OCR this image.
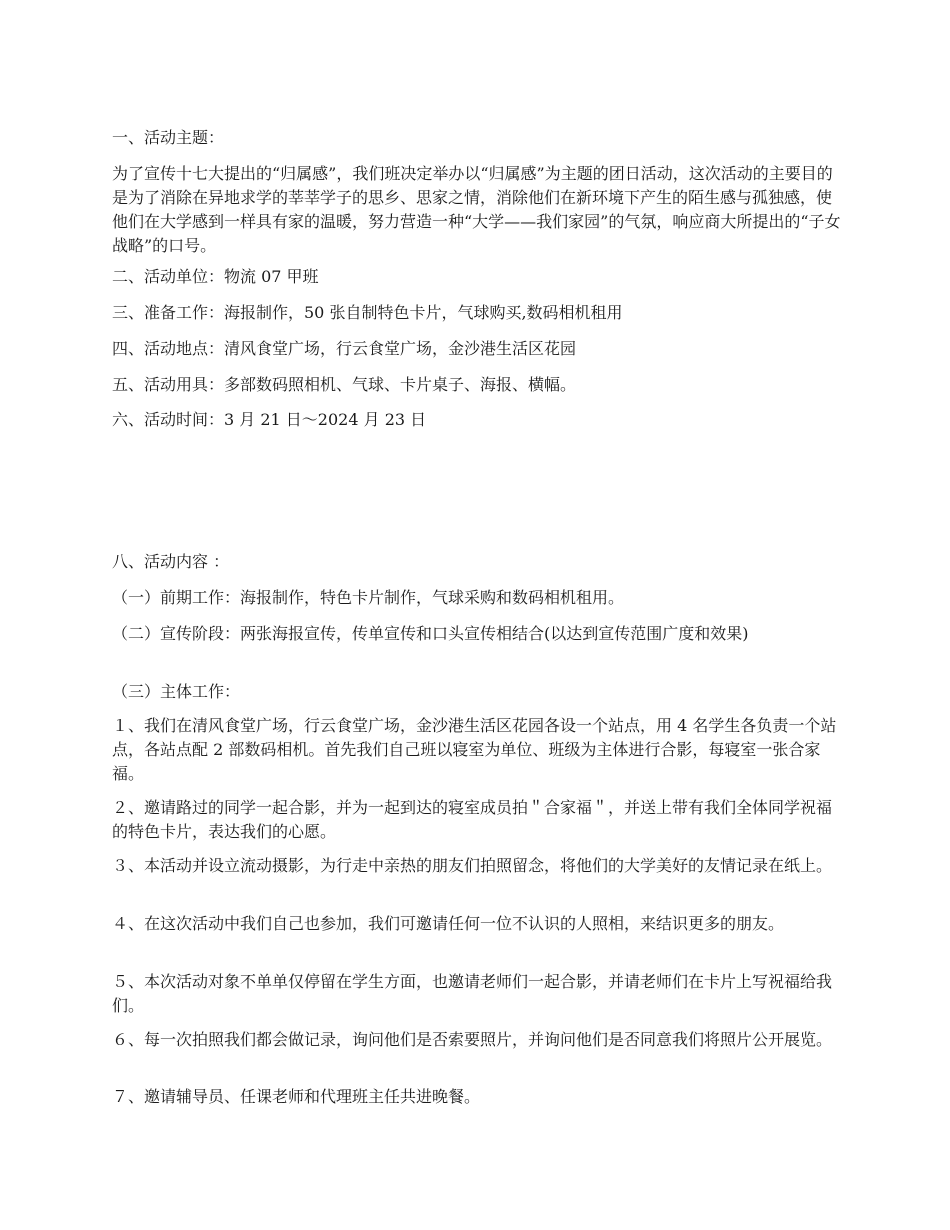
一、活动主题：

为了宣传十七大提出的“归属感”，我们班决定举办以“归属感”为主题的团日活动，这次活动的主要目的是为了消除在异地求学的莘莘学子的思乡、思家之情，消除他们在新环境下产生的陌生感与孤独感，使他们在大学感到一样具有家的温暖，努力营造一种“大学——我们家园”的气氛，响应商大所提出的“子女战略”的口号。

二、活动单位：物流 07 甲班

三、准备工作：海报制作，50 张自制特色卡片，气球购买,数码相机租用

四、活动地点：清风食堂广场，行云食堂广场，金沙港生活区花园

五、活动用具：多部数码照相机、气球、卡片桌子、海报、横幅。

六、活动时间：3 月 21 日～2024 月 23 日

八、活动内容 ：

（一）前期工作：海报制作，特色卡片制作，气球采购和数码相机租用。

（二）宣传阶段：两张海报宣传，传单宣传和口头宣传相结合(以达到宣传范围广度和效果)

（三）主体工作：

１、我们在清风食堂广场，行云食堂广场，金沙港生活区花园各设一个站点，用 4 名学生各负责一个站点，各站点配 2 部数码相机。首先我们自己班以寝室为单位、班级为主体进行合影，每寝室一张合家福。

２、邀请路过的同学一起合影，并为一起到达的寝室成员拍＂合家福＂，并送上带有我们全体同学祝福的特色卡片，表达我们的心愿。

３、本活动并设立流动摄影，为行走中亲热的朋友们拍照留念，将他们的大学美好的友情记录在纸上。

４、在这次活动中我们自己也参加，我们可邀请任何一位不认识的人照相，来结识更多的朋友。

５、本次活动对象不单单仅停留在学生方面，也邀请老师们一起合影，并请老师们在卡片上写祝福给我们。

６、每一次拍照我们都会做记录，询问他们是否索要照片，并询问他们是否同意我们将照片公开展览。

７、邀请辅导员、任课老师和代理班主任共进晚餐。
